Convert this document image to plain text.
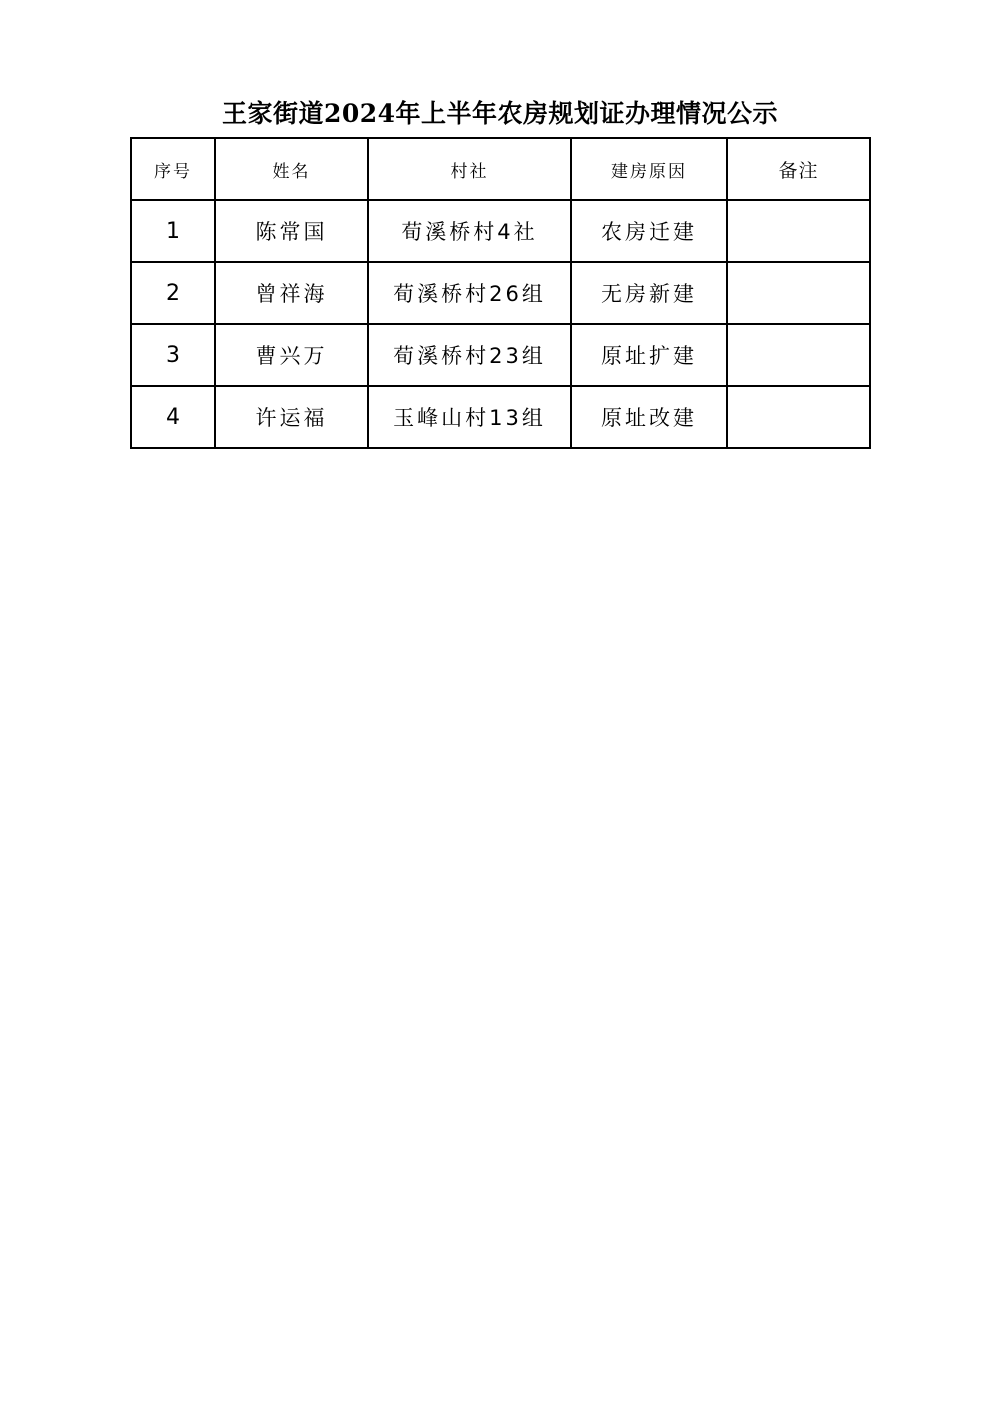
王家街道2024年上半年农房规划证办理情况公示
序号	姓名	村社	建房原因	备注
1	陈常国	荀溪桥村4社	农房迁建	
2	曾祥海	荀溪桥村26组	无房新建	
3	曹兴万	荀溪桥村23组	原址扩建	
4	许运福	玉峰山村13组	原址改建	
